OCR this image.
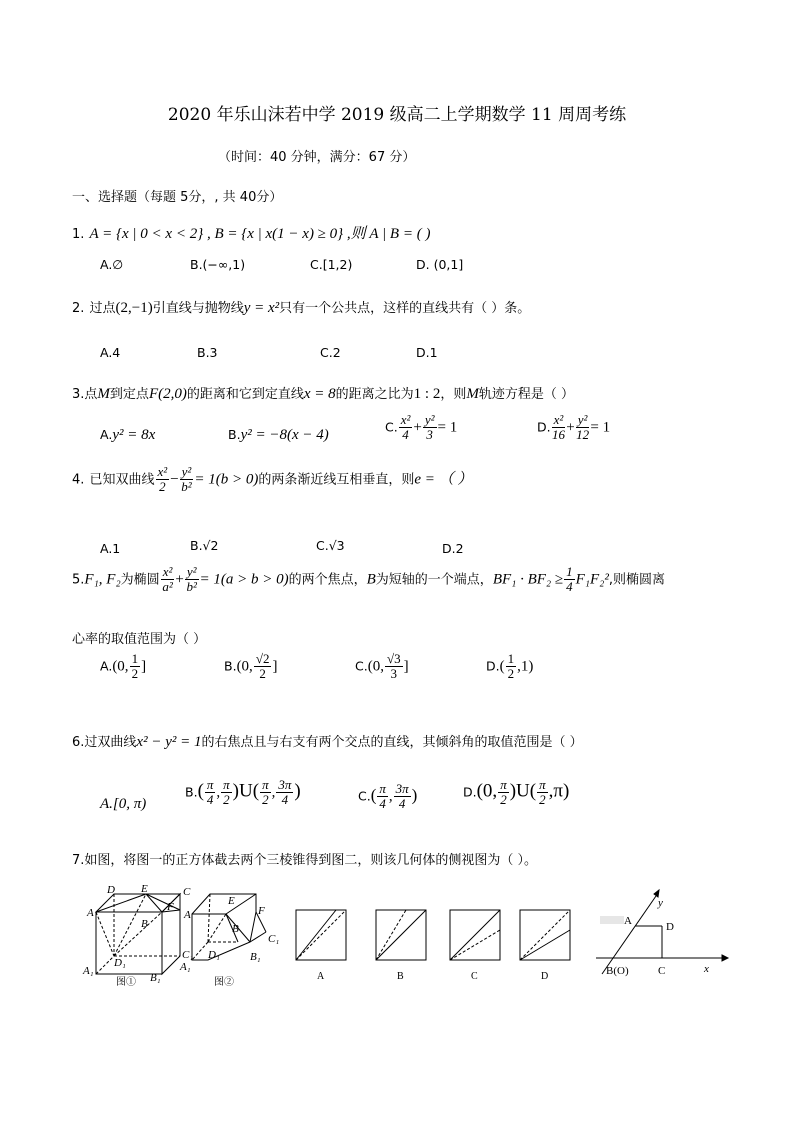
2020 年乐山沫若中学 2019 级高二上学期数学 11 周周考练
（时间：40 分钟，满分：67 分）
一、选择题（每题 5分，, 共 40分）
1. A = {x | 0 < x < 2} , B = {x | x(1 − x) ≥ 0} ,则 A | B = ( )
A.∅	B.(−∞,1)	C.[1,2)	D. (0,1]
2. 过点(2,−1)引直线与抛物线y = x²只有一个公共点，这样的直线共有（ ）条。
A.4	B.3	C.2	D.1
3.点M到定点F(2,0)的距离和它到定直线x = 8的距离之比为1 : 2，则M轨迹方程是（ ）
A.y² = 8x	B.y² = −8(x − 4)	C. $\frac{\text{x²}}{4} + \frac{\text{y²}}{3} = 1$	D. $\frac{\text{x²}}{16} + \frac{\text{y²}}{12} = 1$
4. 已知双曲线 $\frac{\text{x²}}{2} - \frac{\text{y²}}{\text{b²}} = 1(b > 0)$的两条渐近线互相垂直，则e = （ ）
A.1	B.√2	C.√3	D.2
5.F₁, F₂为椭圆 $\frac{\text{x²}}{\text{a²}} + \frac{\text{y²}}{\text{b²}} = 1(a > b > 0)$的两个焦点，B为短轴的一个端点，$BF_1 \cdot BF_2 \ge \frac{1}{4} F_1F_2^2$,则椭圆离
心率的取值范围为（ ）
A.(0, $\frac{1}{2}$ ]	B.(0, $\frac{√2}{2}$ ]	C.(0, $\frac{√3}{3}$ ]	$D.( \frac{1}{2} ,1)$
6.过双曲线x² − y² = 1的右焦点且与右支有两个交点的直线，其倾斜角的取值范围是（ ）
A.[0, π)
$B.( \frac{\pi}{4}$ , $\frac{\pi}{2} )U( \frac{\pi}{2}$ , $\frac{3\pi}{4}$ )	$C.( \frac{\pi}{4}$ , $\frac{3\pi}{4}$ )	D.(0, $\frac{\pi}{2} )U( \frac{\pi}{2} ,\pi)$
7.如图，将图一的正方体截去两个三棱锥得到图二，则该几何体的侧视图为（ ）。
D E	C
A	F
B
D₁
C₁
A₁
B₁
图①
E
F
A
B
D₁
C₁
A₁
B₁
图②
A	B	C	D
y
A	D
B(O)	C	x
